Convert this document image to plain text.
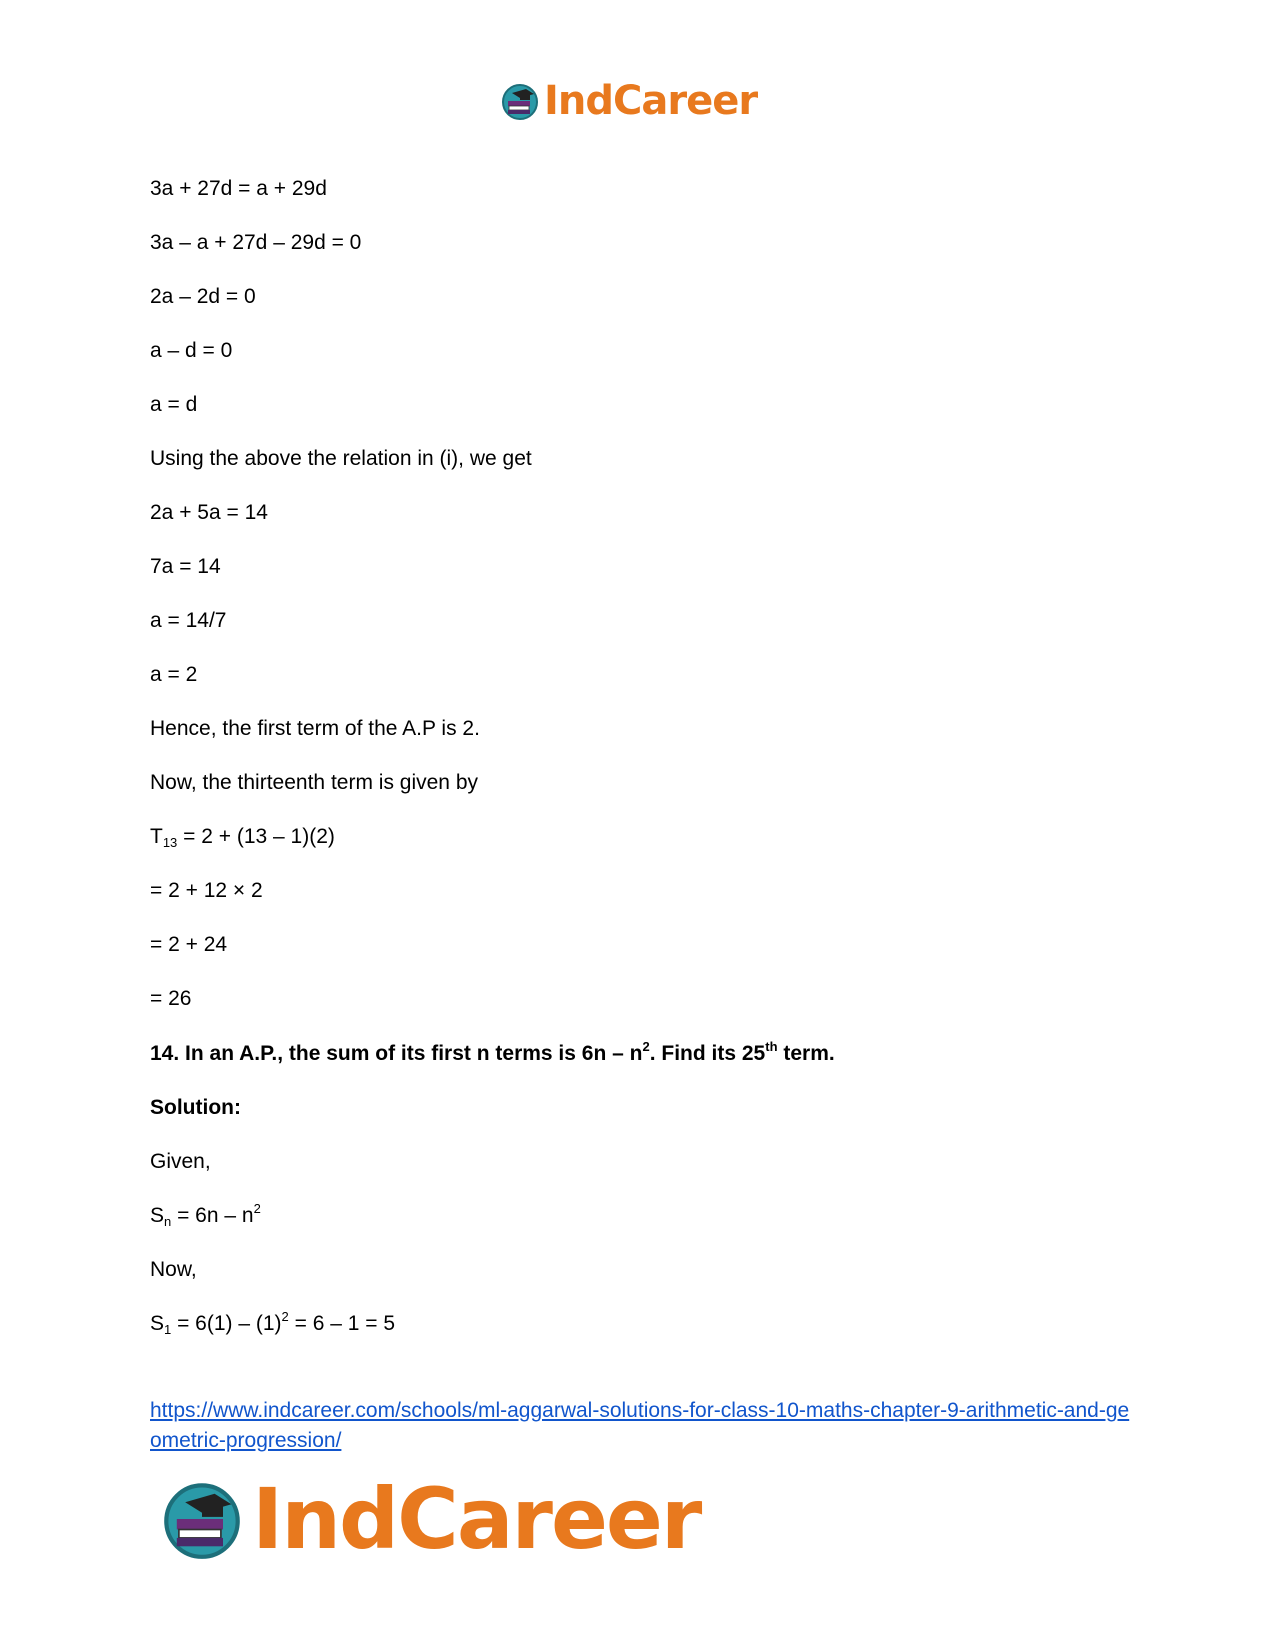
IndCareer
3a + 27d = a + 29d
3a – a + 27d – 29d = 0
2a – 2d = 0
a – d = 0
a = d
Using the above the relation in (i), we get
2a + 5a = 14
7a = 14
a = 14/7
a = 2
Hence, the first term of the A.P is 2.
Now, the thirteenth term is given by
$T_{13} = 2 + (13 - 1)(2)$
= 2 + 12 × 2
= 2 + 24
= 26
14. In an A.P., the sum of its first n terms is $6n - n^2$. Find its 25th term.
Solution:
Given,
$S_n = 6n - n^2$
Now,
$S_1 = 6(1) - (1)^2 = 6 - 1 = 5$
https://www.indcareer.com/schools/ml-aggarwal-solutions-for-class-10-maths-chapter-9-arithmetic-and-geometric-progression/
IndCareer
